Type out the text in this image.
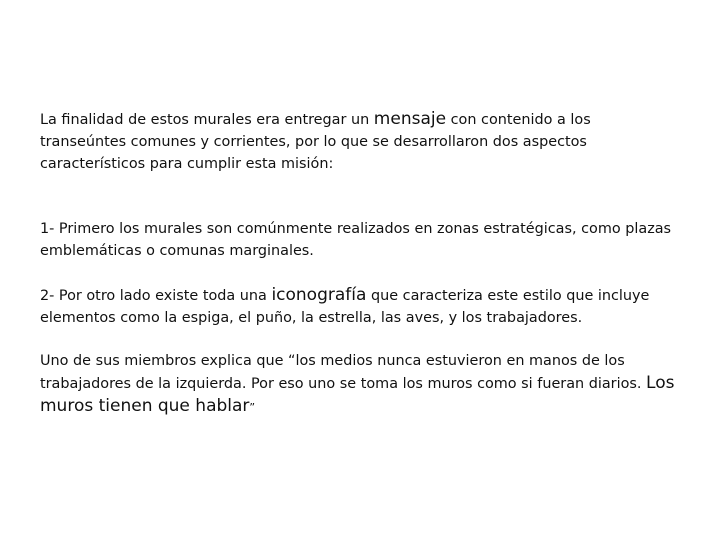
La finalidad de estos murales era entregar un mensaje con contenido a los transeúntes comunes y corrientes, por lo que se desarrollaron dos aspectos característicos para cumplir esta misión:

1- Primero los murales son comúnmente realizados en zonas estratégicas, como plazas emblemáticas o comunas marginales.

2- Por otro lado existe toda una iconografía que caracteriza este estilo que incluye elementos como la espiga, el puño, la estrella, las aves, y los trabajadores.

Uno de sus miembros explica que “los medios nunca estuvieron en manos de los trabajadores de la izquierda. Por eso uno se toma los muros como si fueran diarios. Los muros tienen que hablar”
